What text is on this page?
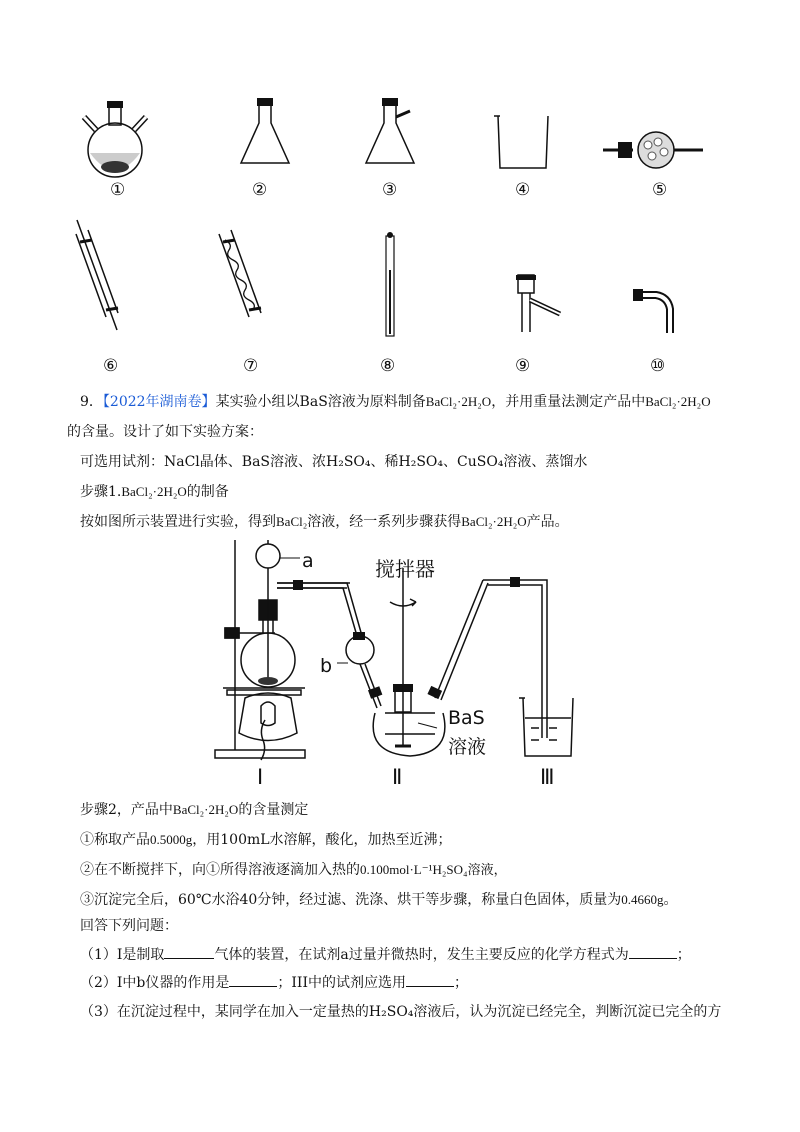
①	②	③	④	⑤
⑥	⑦	⑧	⑨	⑩
9．【2022年湖南卷】某实验小组以BaS溶液为原料制备BaCl₂·2H₂O，并用重量法测定产品中BaCl₂·2H₂O
的含量。设计了如下实验方案：
可选用试剂：NaCl晶体、BaS溶液、浓H₂SO₄、稀H₂SO₄、CuSO₄溶液、蒸馏水
步骤1.BaCl₂·2H₂O的制备
按如图所示装置进行实验，得到BaCl₂溶液，经一系列步骤获得BaCl₂·2H₂O产品。
a
b
搅拌器
BaS
溶液
Ⅰ	Ⅱ	Ⅲ
步骤2，产品中BaCl₂·2H₂O的含量测定
①称取产品0.5000g，用100mL水溶解，酸化，加热至近沸；
②在不断搅拌下，向①所得溶液逐滴加入热的0.100mol·L⁻¹H₂SO₄溶液，
③沉淀完全后，60℃水浴40分钟，经过滤、洗涤、烘干等步骤，称量白色固体，质量为0.4660g。
回答下列问题：
（1）Ⅰ是制取	气体的装置，在试剂a过量并微热时，发生主要反应的化学方程式为	；
（2）Ⅰ中b仪器的作用是	；III中的试剂应选用	；
（3）在沉淀过程中，某同学在加入一定量热的H₂SO₄溶液后，认为沉淀已经完全，判断沉淀已完全的方
